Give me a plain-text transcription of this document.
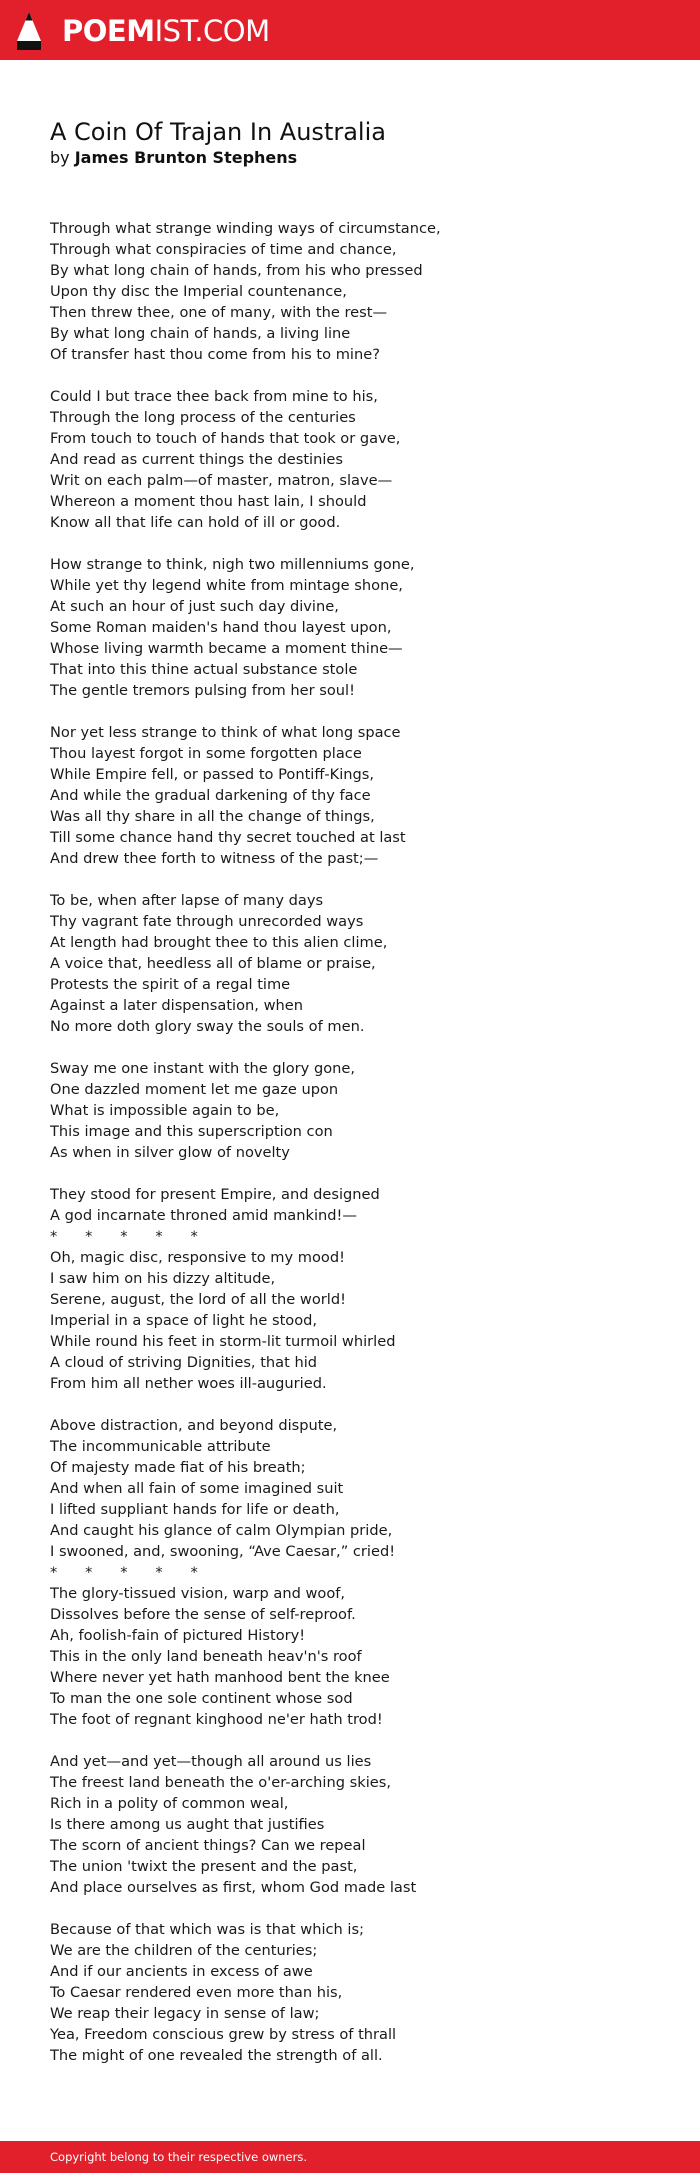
POEMIST.COM
A Coin Of Trajan In Australia
by James Brunton Stephens
Through what strange winding ways of circumstance,
Through what conspiracies of time and chance,
By what long chain of hands, from his who pressed
Upon thy disc the Imperial countenance,
Then threw thee, one of many, with the rest—
By what long chain of hands, a living line
Of transfer hast thou come from his to mine?
Could I but trace thee back from mine to his,
Through the long process of the centuries
From touch to touch of hands that took or gave,
And read as current things the destinies
Writ on each palm—of master, matron, slave—
Whereon a moment thou hast lain, I should
Know all that life can hold of ill or good.
How strange to think, nigh two millenniums gone,
While yet thy legend white from mintage shone,
At such an hour of just such day divine,
Some Roman maiden's hand thou layest upon,
Whose living warmth became a moment thine—
That into this thine actual substance stole
The gentle tremors pulsing from her soul!
Nor yet less strange to think of what long space
Thou layest forgot in some forgotten place
While Empire fell, or passed to Pontiff-Kings,
And while the gradual darkening of thy face
Was all thy share in all the change of things,
Till some chance hand thy secret touched at last
And drew thee forth to witness of the past;—
To be, when after lapse of many days
Thy vagrant fate through unrecorded ways
At length had brought thee to this alien clime,
A voice that, heedless all of blame or praise,
Protests the spirit of a regal time
Against a later dispensation, when
No more doth glory sway the souls of men.
Sway me one instant with the glory gone,
One dazzled moment let me gaze upon
What is impossible again to be,
This image and this superscription con
As when in silver glow of novelty
They stood for present Empire, and designed
A god incarnate throned amid mankind!—
*      *      *      *      *
Oh, magic disc, responsive to my mood!
I saw him on his dizzy altitude,
Serene, august, the lord of all the world!
Imperial in a space of light he stood,
While round his feet in storm-lit turmoil whirled
A cloud of striving Dignities, that hid
From him all nether woes ill-auguried.
Above distraction, and beyond dispute,
The incommunicable attribute
Of majesty made fiat of his breath;
And when all fain of some imagined suit
I lifted suppliant hands for life or death,
And caught his glance of calm Olympian pride,
I swooned, and, swooning, “Ave Caesar,” cried!
*      *      *      *      *
The glory-tissued vision, warp and woof,
Dissolves before the sense of self-reproof.
Ah, foolish-fain of pictured History!
This in the only land beneath heav'n's roof
Where never yet hath manhood bent the knee
To man the one sole continent whose sod
The foot of regnant kinghood ne'er hath trod!
And yet—and yet—though all around us lies
The freest land beneath the o'er-arching skies,
Rich in a polity of common weal,
Is there among us aught that justifies
The scorn of ancient things? Can we repeal
The union 'twixt the present and the past,
And place ourselves as first, whom God made last
Because of that which was is that which is;
We are the children of the centuries;
And if our ancients in excess of awe
To Caesar rendered even more than his,
We reap their legacy in sense of law;
Yea, Freedom conscious grew by stress of thrall
The might of one revealed the strength of all.
Copyright belong to their respective owners.
